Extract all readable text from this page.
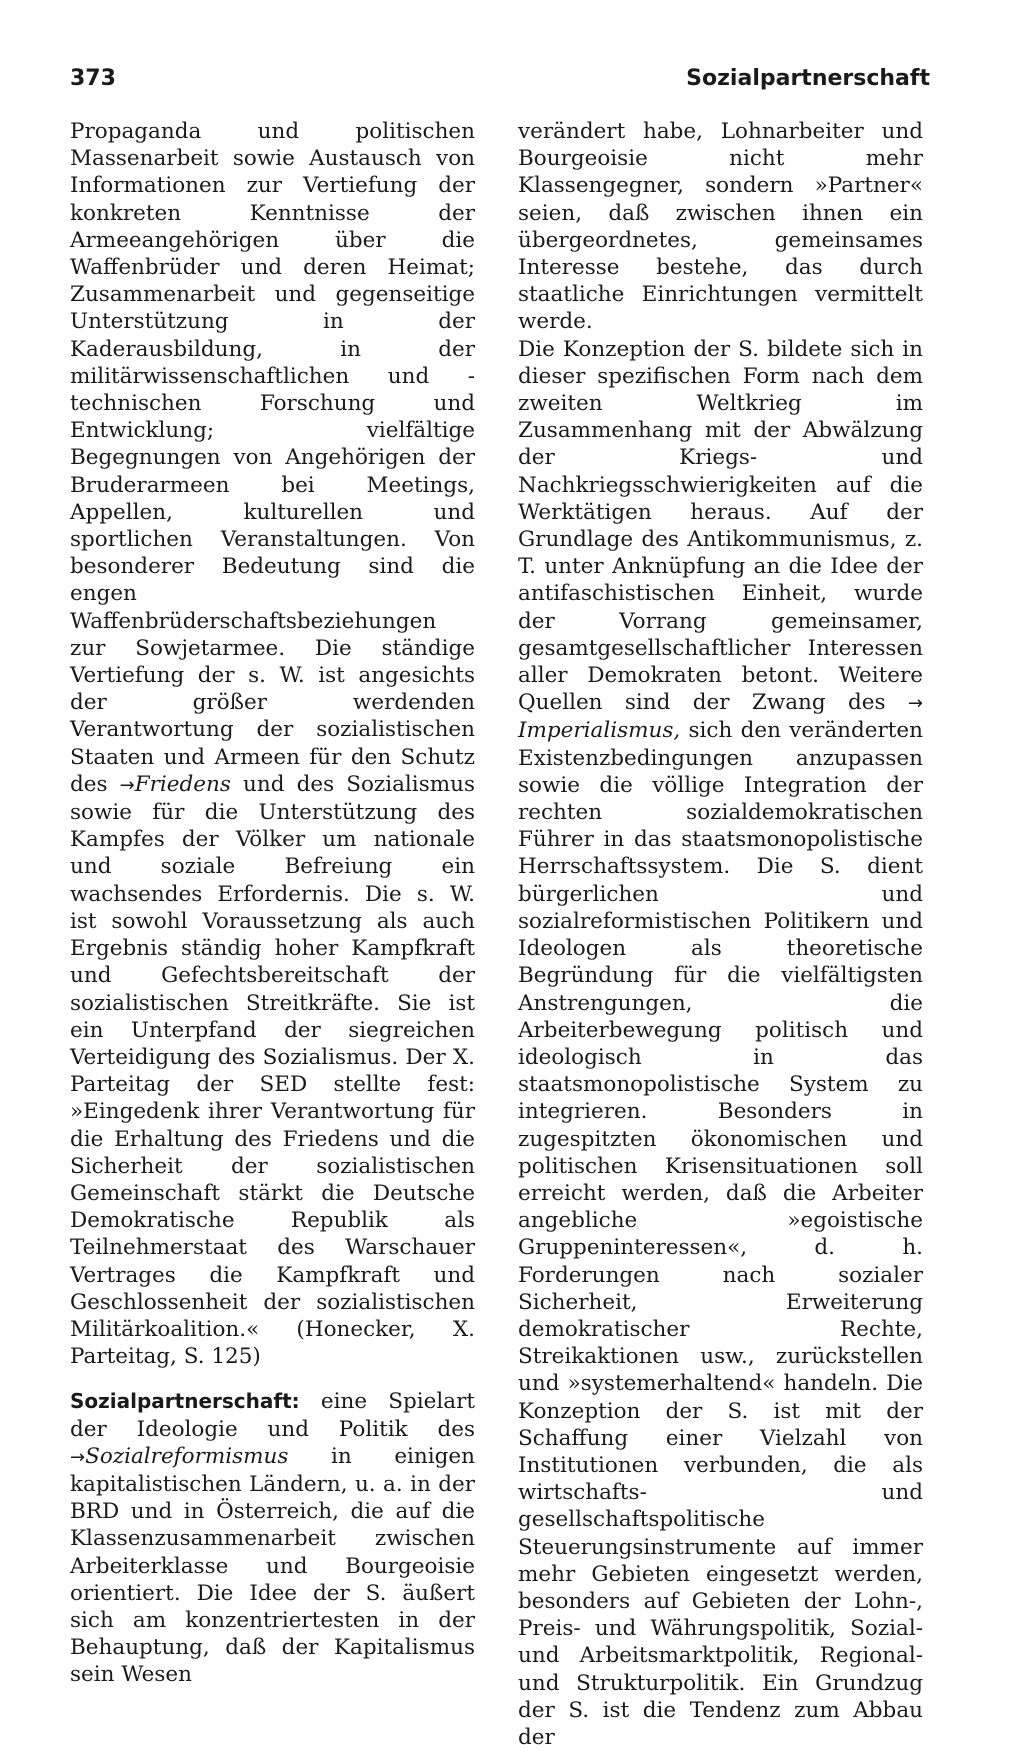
373	Sozialpartnerschaft

Propaganda und politischen Massenarbeit sowie Austausch von Informationen zur Vertiefung der konkreten Kenntnisse der Armeeangehörigen über die Waffenbrüder und deren Heimat; Zusammenarbeit und gegenseitige Unterstützung in der Kaderausbildung, in der militärwissenschaftlichen und -technischen Forschung und Entwicklung; vielfältige Begegnungen von Angehörigen der Bruderarmeen bei Meetings, Appellen, kulturellen und sportlichen Veranstaltungen. Von besonderer Bedeutung sind die engen Waffenbrüderschaftsbeziehungen zur Sowjetarmee. Die ständige Vertiefung der s. W. ist angesichts der größer werdenden Verantwortung der sozialistischen Staaten und Armeen für den Schutz des →Friedens und des Sozialismus sowie für die Unterstützung des Kampfes der Völker um nationale und soziale Befreiung ein wachsendes Erfordernis. Die s. W. ist sowohl Voraussetzung als auch Ergebnis ständig hoher Kampfkraft und Gefechtsbereitschaft der sozialistischen Streitkräfte. Sie ist ein Unterpfand der siegreichen Verteidigung des Sozialismus. Der X. Parteitag der SED stellte fest: »Eingedenk ihrer Verantwortung für die Erhaltung des Friedens und die Sicherheit der sozialistischen Gemeinschaft stärkt die Deutsche Demokratische Republik als Teilnehmerstaat des Warschauer Vertrages die Kampfkraft und Geschlossenheit der sozialistischen Militärkoalition.« (Honecker, X. Parteitag, S. 125)

Sozialpartnerschaft: eine Spielart der Ideologie und Politik des →Sozialreformismus in einigen kapitalistischen Ländern, u. a. in der BRD und in Österreich, die auf die Klassenzusammenarbeit zwischen Arbeiterklasse und Bourgeoisie orientiert. Die Idee der S. äußert sich am konzentriertesten in der Behauptung, daß der Kapitalismus sein Wesen

verändert habe, Lohnarbeiter und Bourgeoisie nicht mehr Klassengegner, sondern »Partner« seien, daß zwischen ihnen ein übergeordnetes, gemeinsames Interesse bestehe, das durch staatliche Einrichtungen vermittelt werde.

Die Konzeption der S. bildete sich in dieser spezifischen Form nach dem zweiten Weltkrieg im Zusammenhang mit der Abwälzung der Kriegs- und Nachkriegsschwierigkeiten auf die Werktätigen heraus. Auf der Grundlage des Antikommunismus, z. T. unter Anknüpfung an die Idee der antifaschistischen Einheit, wurde der Vorrang gemeinsamer, gesamtgesellschaftlicher Interessen aller Demokraten betont. Weitere Quellen sind der Zwang des → Imperialismus, sich den veränderten Existenzbedingungen anzupassen sowie die völlige Integration der rechten sozialdemokratischen Führer in das staatsmonopolistische Herrschaftssystem. Die S. dient bürgerlichen und sozialreformistischen Politikern und Ideologen als theoretische Begründung für die vielfältigsten Anstrengungen, die Arbeiterbewegung politisch und ideologisch in das staatsmonopolistische System zu integrieren. Besonders in zugespitzten ökonomischen und politischen Krisensituationen soll erreicht werden, daß die Arbeiter angebliche »egoistische Gruppeninteressen«, d. h. Forderungen nach sozialer Sicherheit, Erweiterung demokratischer Rechte, Streikaktionen usw., zurückstellen und »systemerhaltend« handeln. Die Konzeption der S. ist mit der Schaffung einer Vielzahl von Institutionen verbunden, die als wirtschafts- und gesellschaftspolitische Steuerungsinstrumente auf immer mehr Gebieten eingesetzt werden, besonders auf Gebieten der Lohn-, Preis- und Währungspolitik, Sozial- und Arbeitsmarktpolitik, Regional- und Strukturpolitik. Ein Grundzug der S. ist die Tendenz zum Abbau der
